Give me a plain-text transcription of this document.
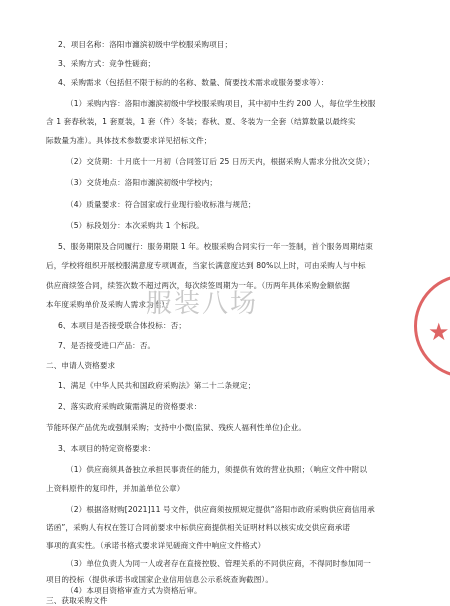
2、项目名称：洛阳市瀍滨初级中学校服采购项目；
3、采购方式：竞争性磋商；
4、采购需求（包括但不限于标的的名称、数量、简要技术需求或服务要求等）：
（1）采购内容：洛阳市瀍滨初级中学校服采购项目，其中初中生约 200 人，每位学生校服
含 1 套春秋装，1 套夏装，1 套（件）冬装；春秋、夏、冬装为一全套（结算数量以最终实
际数量为准）。具体技术参数要求详见招标文件；
（2）交货期：十月底十一月初（合同签订后 25 日历天内，根据采购人需求分批次交货）；
（3）交货地点：洛阳市瀍滨初级中学校内；
（4）质量要求：符合国家或行业现行验收标准与规范；
（5）标段划分：本次采购共 1 个标段。
5、服务期限及合同履行：服务期限 1 年。校服采购合同实行一年一签制，首个服务周期结束
后，学校将组织开展校服满意度专项调查，当家长满意度达到 80%以上时，可由采购人与中标
供应商续签合同，续签次数不超过两次，每次续签周期为一年。（历两年具体采购金额依据
本年度采购单价及采购人需求为准）；
6、本项目是否接受联合体投标：否；
7、是否接受进口产品：否。
二、申请人资格要求
1、满足《中华人民共和国政府采购法》第二十二条规定；
2、落实政府采购政策需满足的资格要求：
节能环保产品优先或强制采购；支持中小微(监狱、残疾人福利性单位)企业。
3、本项目的特定资格要求：
（1）供应商须具备独立承担民事责任的能力，须提供有效的营业执照；（响应文件中附以
上资料原件的复印件，并加盖单位公章）
（2）根据洛财购[2021]11 号文件，供应商须按照规定提供“洛阳市政府采购供应商信用承
诺函”，采购人有权在签订合同前要求中标供应商提供相关证明材料以核实成交供应商承诺
事项的真实性。（承诺书格式要求详见磋商文件中响应文件格式）
（3）单位负责人为同一人或者存在直接控股、管理关系的不同供应商，不得同时参加同一
项目的投标（提供承诺书或国家企业信用信息公示系统查询截图）。
（4）本项目资格审查方式为资格后审。
三、获取采购文件
服装八场
★
